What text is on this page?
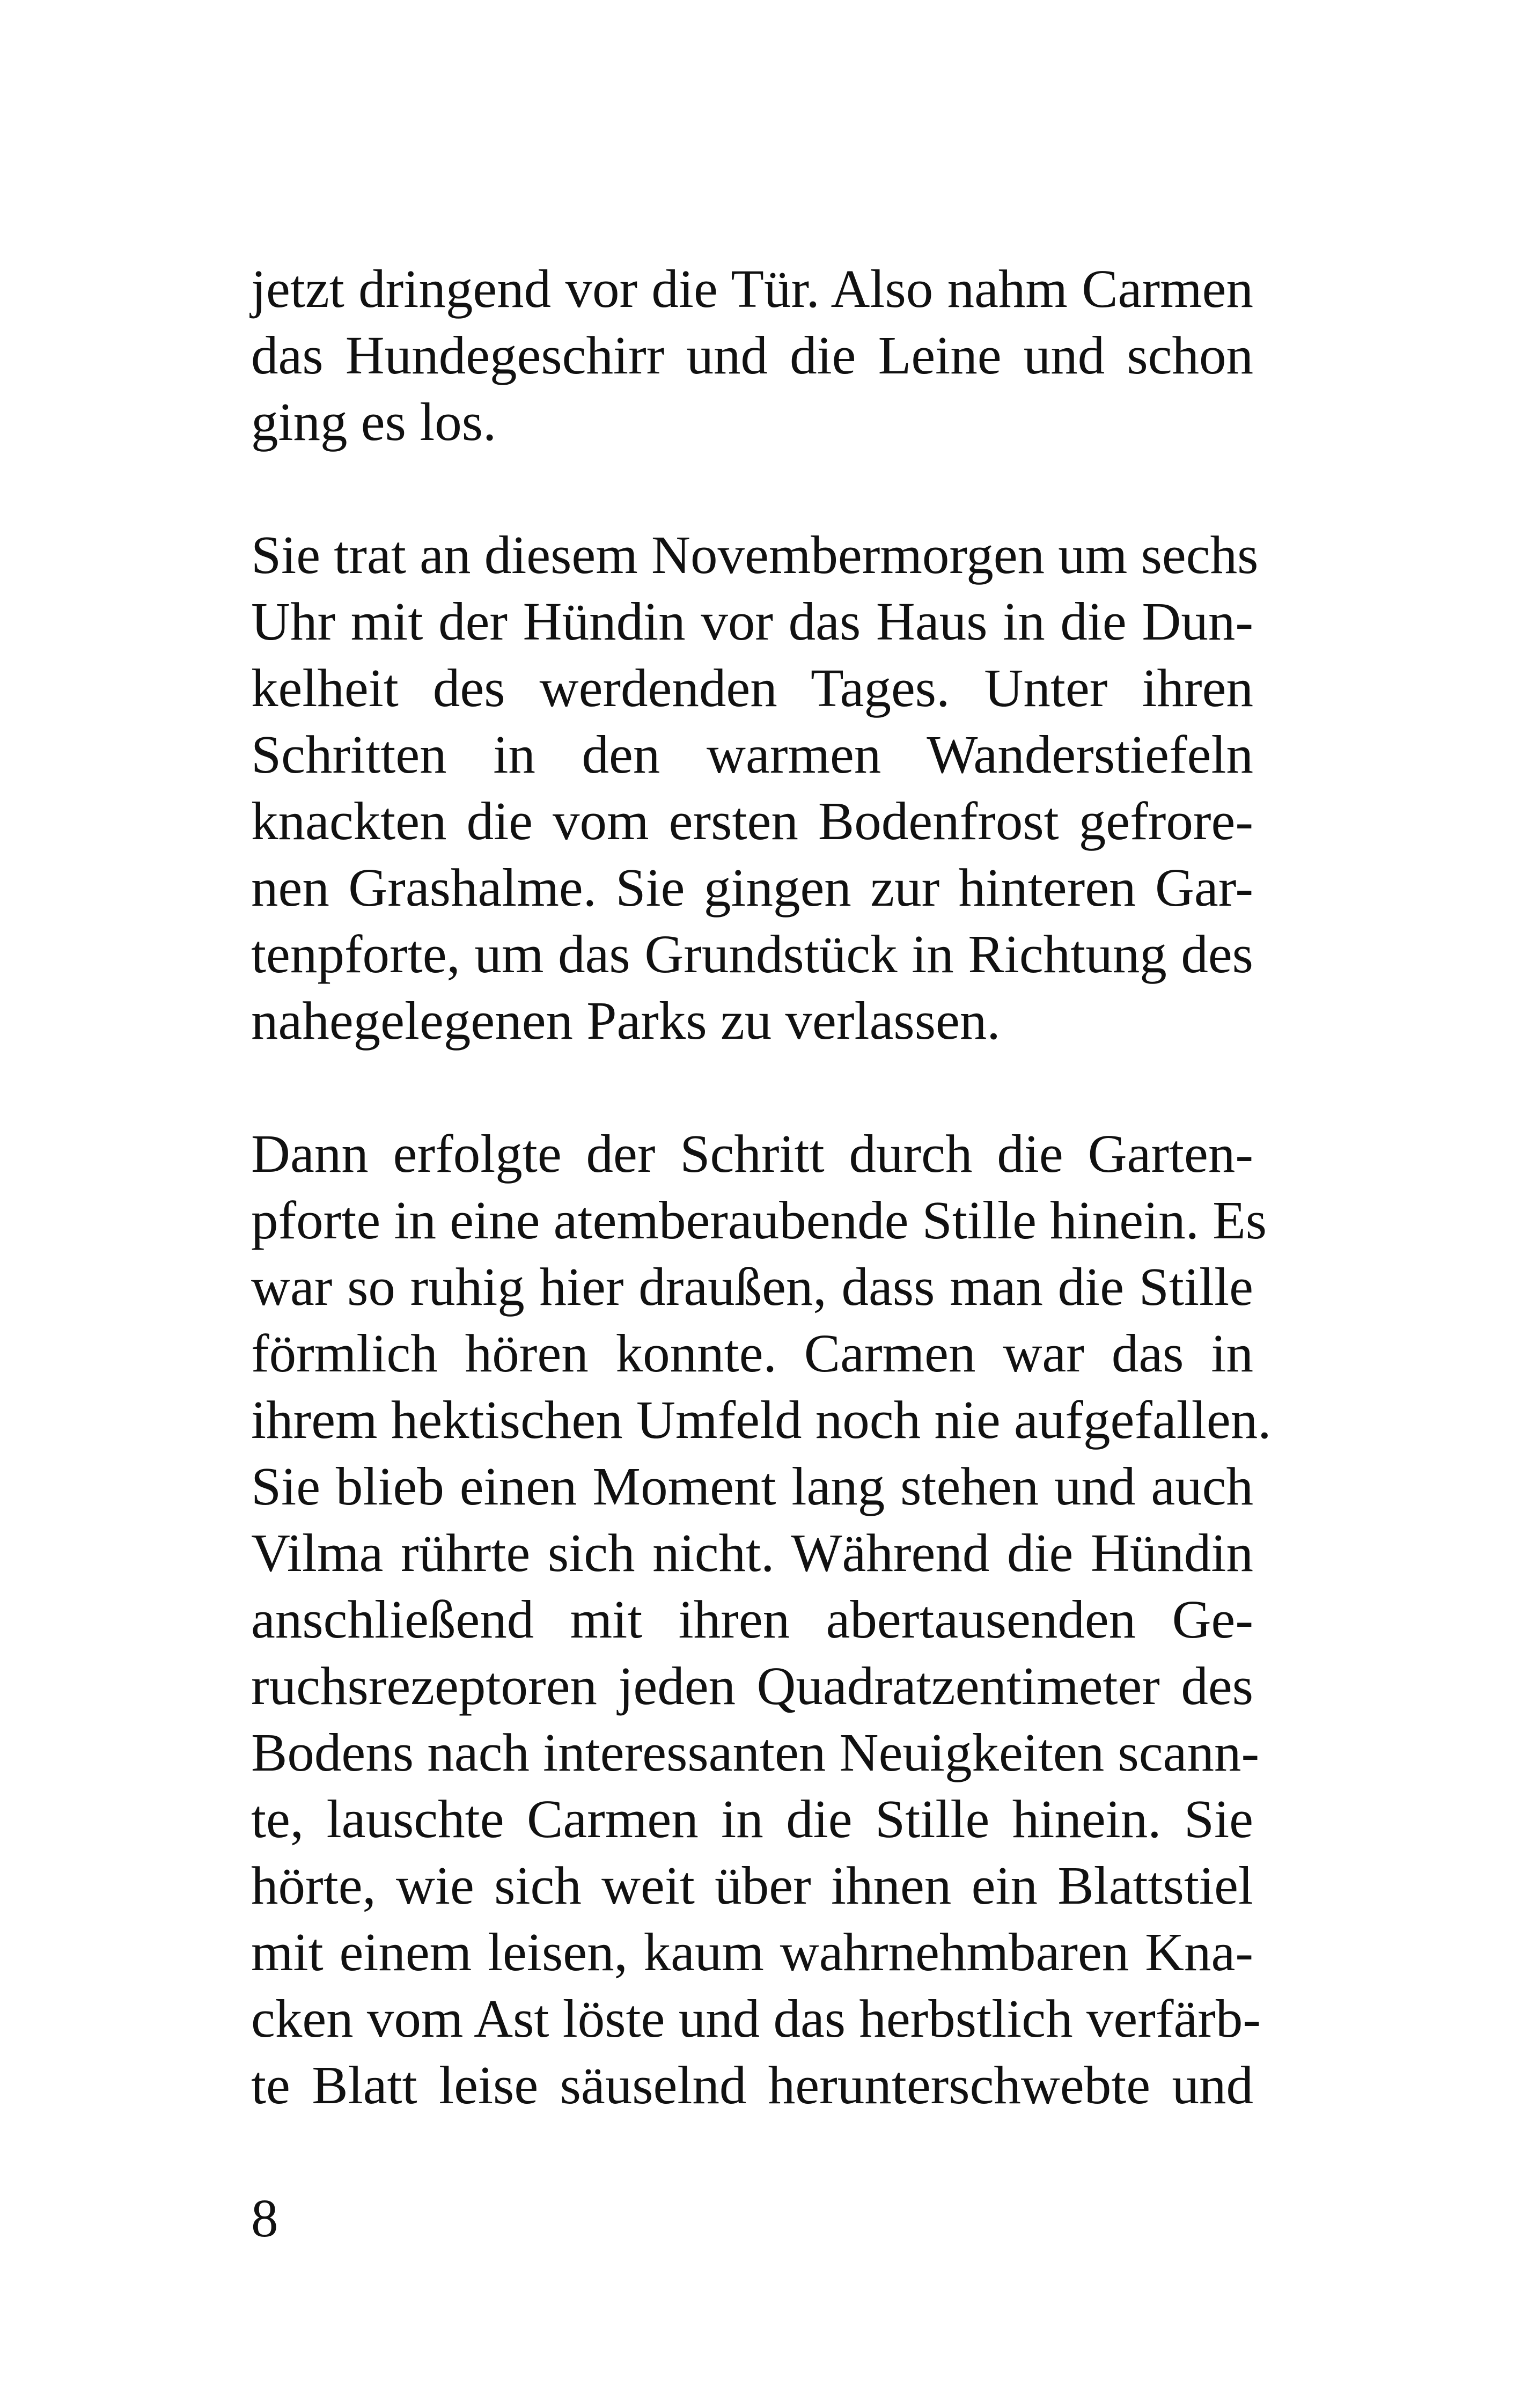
jetzt dringend vor die Tür. Also nahm Carmen
das Hundegeschirr und die Leine und schon
ging es los.
Sie trat an diesem Novembermorgen um sechs
Uhr mit der Hündin vor das Haus in die Dun-
kelheit des werdenden Tages. Unter ihren
Schritten in den warmen Wanderstiefeln
knackten die vom ersten Bodenfrost gefrore-
nen Grashalme. Sie gingen zur hinteren Gar-
tenpforte, um das Grundstück in Richtung des
nahegelegenen Parks zu verlassen.
Dann erfolgte der Schritt durch die Garten-
pforte in eine atemberaubende Stille hinein. Es
war so ruhig hier draußen, dass man die Stille
förmlich hören konnte. Carmen war das in
ihrem hektischen Umfeld noch nie aufgefallen.
Sie blieb einen Moment lang stehen und auch
Vilma rührte sich nicht. Während die Hündin
anschließend mit ihren abertausenden Ge-
ruchsrezeptoren jeden Quadratzentimeter des
Bodens nach interessanten Neuigkeiten scann-
te, lauschte Carmen in die Stille hinein. Sie
hörte, wie sich weit über ihnen ein Blattstiel
mit einem leisen, kaum wahrnehmbaren Kna-
cken vom Ast löste und das herbstlich verfärb-
te Blatt leise säuselnd herunterschwebte und
8
